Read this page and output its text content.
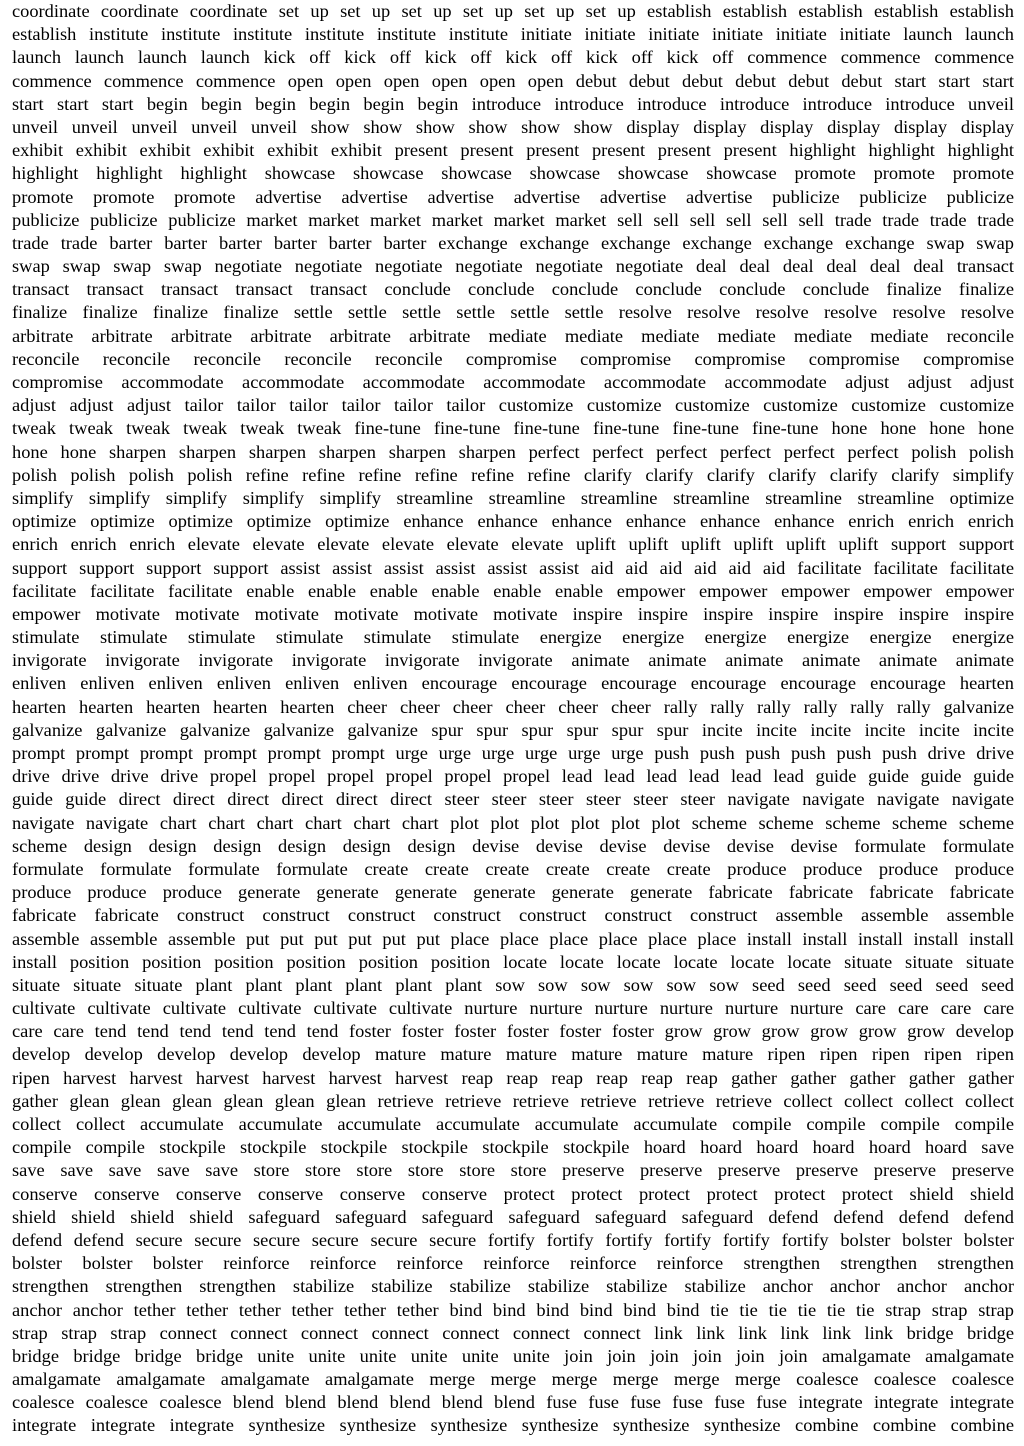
coordinate coordinate coordinate set up set up set up set up set up set up establish establish establish establish establish
establish institute institute institute institute institute institute initiate initiate initiate initiate initiate initiate launch launch
launch launch launch launch kick off kick off kick off kick off kick off kick off commence commence commence
commence commence commence open open open open open open debut debut debut debut debut debut start start start
start start start begin begin begin begin begin begin introduce introduce introduce introduce introduce introduce unveil
unveil unveil unveil unveil unveil show show show show show show display display display display display display
exhibit exhibit exhibit exhibit exhibit exhibit present present present present present present highlight highlight highlight
highlight highlight highlight showcase showcase showcase showcase showcase showcase promote promote promote
promote promote promote advertise advertise advertise advertise advertise advertise publicize publicize publicize
publicize publicize publicize market market market market market market sell sell sell sell sell sell trade trade trade trade
trade trade barter barter barter barter barter barter exchange exchange exchange exchange exchange exchange swap swap
swap swap swap swap negotiate negotiate negotiate negotiate negotiate negotiate deal deal deal deal deal deal transact
transact transact transact transact transact conclude conclude conclude conclude conclude conclude finalize finalize
finalize finalize finalize finalize settle settle settle settle settle settle resolve resolve resolve resolve resolve resolve
arbitrate arbitrate arbitrate arbitrate arbitrate arbitrate mediate mediate mediate mediate mediate mediate reconcile
reconcile reconcile reconcile reconcile reconcile compromise compromise compromise compromise compromise
compromise accommodate accommodate accommodate accommodate accommodate accommodate adjust adjust adjust
adjust adjust adjust tailor tailor tailor tailor tailor tailor customize customize customize customize customize customize
tweak tweak tweak tweak tweak tweak fine-tune fine-tune fine-tune fine-tune fine-tune fine-tune hone hone hone hone
hone hone sharpen sharpen sharpen sharpen sharpen sharpen perfect perfect perfect perfect perfect perfect polish polish
polish polish polish polish refine refine refine refine refine refine clarify clarify clarify clarify clarify clarify simplify
simplify simplify simplify simplify simplify streamline streamline streamline streamline streamline streamline optimize
optimize optimize optimize optimize optimize enhance enhance enhance enhance enhance enhance enrich enrich enrich
enrich enrich enrich elevate elevate elevate elevate elevate elevate uplift uplift uplift uplift uplift uplift support support
support support support support assist assist assist assist assist assist aid aid aid aid aid aid facilitate facilitate facilitate
facilitate facilitate facilitate enable enable enable enable enable enable empower empower empower empower empower
empower motivate motivate motivate motivate motivate motivate inspire inspire inspire inspire inspire inspire inspire
stimulate stimulate stimulate stimulate stimulate stimulate energize energize energize energize energize energize
invigorate invigorate invigorate invigorate invigorate invigorate animate animate animate animate animate animate
enliven enliven enliven enliven enliven enliven encourage encourage encourage encourage encourage encourage hearten
hearten hearten hearten hearten hearten cheer cheer cheer cheer cheer cheer rally rally rally rally rally rally galvanize
galvanize galvanize galvanize galvanize galvanize spur spur spur spur spur spur incite incite incite incite incite incite
prompt prompt prompt prompt prompt prompt urge urge urge urge urge urge push push push push push push drive drive
drive drive drive drive propel propel propel propel propel propel lead lead lead lead lead lead guide guide guide guide
guide guide direct direct direct direct direct direct steer steer steer steer steer steer navigate navigate navigate navigate
navigate navigate chart chart chart chart chart chart plot plot plot plot plot plot scheme scheme scheme scheme scheme
scheme design design design design design design devise devise devise devise devise devise formulate formulate
formulate formulate formulate formulate create create create create create create produce produce produce produce
produce produce produce generate generate generate generate generate generate fabricate fabricate fabricate fabricate
fabricate fabricate construct construct construct construct construct construct construct assemble assemble assemble
assemble assemble assemble put put put put put put place place place place place place install install install install install
install position position position position position position locate locate locate locate locate locate situate situate situate
situate situate situate plant plant plant plant plant plant sow sow sow sow sow sow seed seed seed seed seed seed
cultivate cultivate cultivate cultivate cultivate cultivate nurture nurture nurture nurture nurture nurture care care care care
care care tend tend tend tend tend tend foster foster foster foster foster foster grow grow grow grow grow grow develop
develop develop develop develop develop mature mature mature mature mature mature ripen ripen ripen ripen ripen
ripen harvest harvest harvest harvest harvest harvest reap reap reap reap reap reap gather gather gather gather gather
gather glean glean glean glean glean glean retrieve retrieve retrieve retrieve retrieve retrieve collect collect collect collect
collect collect accumulate accumulate accumulate accumulate accumulate accumulate compile compile compile compile
compile compile stockpile stockpile stockpile stockpile stockpile stockpile hoard hoard hoard hoard hoard hoard save
save save save save save store store store store store store preserve preserve preserve preserve preserve preserve
conserve conserve conserve conserve conserve conserve protect protect protect protect protect protect shield shield
shield shield shield shield safeguard safeguard safeguard safeguard safeguard safeguard defend defend defend defend
defend defend secure secure secure secure secure secure fortify fortify fortify fortify fortify fortify bolster bolster bolster
bolster bolster bolster reinforce reinforce reinforce reinforce reinforce reinforce strengthen strengthen strengthen
strengthen strengthen strengthen stabilize stabilize stabilize stabilize stabilize stabilize anchor anchor anchor anchor
anchor anchor tether tether tether tether tether tether bind bind bind bind bind bind tie tie tie tie tie tie strap strap strap
strap strap strap connect connect connect connect connect connect connect link link link link link link bridge bridge
bridge bridge bridge bridge unite unite unite unite unite unite join join join join join join amalgamate amalgamate
amalgamate amalgamate amalgamate amalgamate merge merge merge merge merge merge coalesce coalesce coalesce
coalesce coalesce coalesce blend blend blend blend blend blend fuse fuse fuse fuse fuse fuse integrate integrate integrate
integrate integrate integrate synthesize synthesize synthesize synthesize synthesize synthesize combine combine combine
